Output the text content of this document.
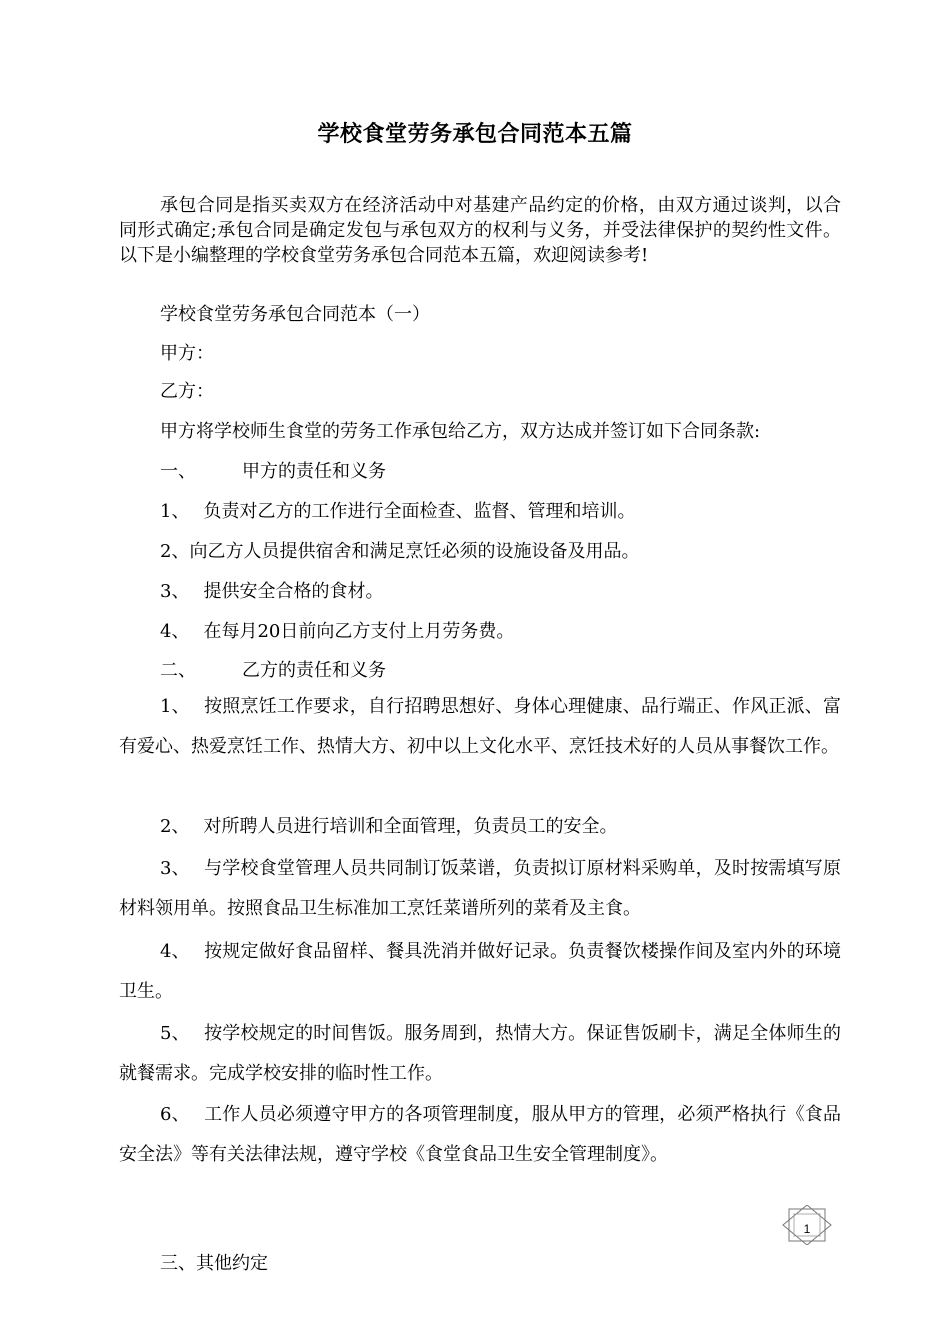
学校食堂劳务承包合同范本五篇

承包合同是指买卖双方在经济活动中对基建产品约定的价格，由双方通过谈判，以合同形式确定;承包合同是确定发包与承包双方的权利与义务，并受法律保护的契约性文件。以下是小编整理的学校食堂劳务承包合同范本五篇，欢迎阅读参考!

学校食堂劳务承包合同范本（一）
甲方：
乙方：
甲方将学校师生食堂的劳务工作承包给乙方，双方达成并签订如下合同条款:
一、	甲方的责任和义务
1、 负责对乙方的工作进行全面检查、监督、管理和培训。
2、向乙方人员提供宿舍和满足烹饪必须的设施设备及用品。
3、 提供安全合格的食材。
4、 在每月20日前向乙方支付上月劳务费。
二、	乙方的责任和义务

1、 按照烹饪工作要求，自行招聘思想好、身体心理健康、品行端正、作风正派、富有爱心、热爱烹饪工作、热情大方、初中以上文化水平、烹饪技术好的人员从事餐饮工作。

2、 对所聘人员进行培训和全面管理，负责员工的安全。

3、 与学校食堂管理人员共同制订饭菜谱，负责拟订原材料采购单，及时按需填写原材料领用单。按照食品卫生标准加工烹饪菜谱所列的菜肴及主食。

4、 按规定做好食品留样、餐具洗消并做好记录。负责餐饮楼操作间及室内外的环境卫生。

5、 按学校规定的时间售饭。服务周到，热情大方。保证售饭刷卡，满足全体师生的就餐需求。完成学校安排的临时性工作。

6、 工作人员必须遵守甲方的各项管理制度，服从甲方的管理，必须严格执行《食品安全法》等有关法律法规，遵守学校《食堂食品卫生安全管理制度》。

1
三、其他约定
